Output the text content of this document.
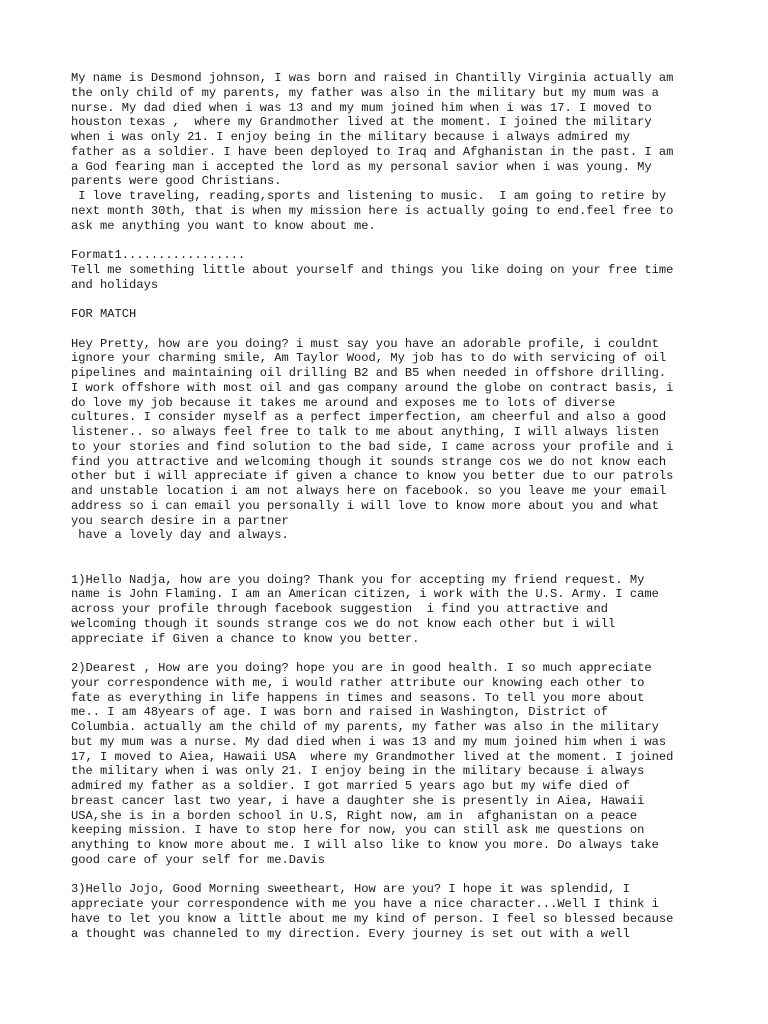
My name is Desmond johnson, I was born and raised in Chantilly Virginia actually am
the only child of my parents, my father was also in the military but my mum was a
nurse. My dad died when i was 13 and my mum joined him when i was 17. I moved to
houston texas ,  where my Grandmother lived at the moment. I joined the military
when i was only 21. I enjoy being in the military because i always admired my
father as a soldier. I have been deployed to Iraq and Afghanistan in the past. I am
a God fearing man i accepted the lord as my personal savior when i was young. My
parents were good Christians.
I love traveling, reading,sports and listening to music.  I am going to retire by
next month 30th, that is when my mission here is actually going to end.feel free to
ask me anything you want to know about me.

Format1.................

Tell me something little about yourself and things you like doing on your free time
and holidays

FOR MATCH

Hey Pretty, how are you doing? i must say you have an adorable profile, i couldnt
ignore your charming smile, Am Taylor Wood, My job has to do with servicing of oil
pipelines and maintaining oil drilling B2 and B5 when needed in offshore drilling.
I work offshore with most oil and gas company around the globe on contract basis, i
do love my job because it takes me around and exposes me to lots of diverse
cultures. I consider myself as a perfect imperfection, am cheerful and also a good
listener.. so always feel free to talk to me about anything, I will always listen
to your stories and find solution to the bad side, I came across your profile and i
find you attractive and welcoming though it sounds strange cos we do not know each
other but i will appreciate if given a chance to know you better due to our patrols
and unstable location i am not always here on facebook. so you leave me your email
address so i can email you personally i will love to know more about you and what
you search desire in a partner
have a lovely day and always.

1)Hello Nadja, how are you doing? Thank you for accepting my friend request. My
name is John Flaming. I am an American citizen, i work with the U.S. Army. I came
across your profile through facebook suggestion  i find you attractive and
welcoming though it sounds strange cos we do not know each other but i will
appreciate if Given a chance to know you better.

2)Dearest , How are you doing? hope you are in good health. I so much appreciate
your correspondence with me, i would rather attribute our knowing each other to
fate as everything in life happens in times and seasons. To tell you more about
me.. I am 48years of age. I was born and raised in Washington, District of
Columbia. actually am the child of my parents, my father was also in the military
but my mum was a nurse. My dad died when i was 13 and my mum joined him when i was
17, I moved to Aiea, Hawaii USA  where my Grandmother lived at the moment. I joined
the military when i was only 21. I enjoy being in the military because i always
admired my father as a soldier. I got married 5 years ago but my wife died of
breast cancer last two year, i have a daughter she is presently in Aiea, Hawaii
USA,she is in a borden school in U.S, Right now, am in  afghanistan on a peace
keeping mission. I have to stop here for now, you can still ask me questions on
anything to know more about me. I will also like to know you more. Do always take
good care of your self for me.Davis

3)Hello Jojo, Good Morning sweetheart, How are you? I hope it was splendid, I
appreciate your correspondence with me you have a nice character...Well I think i
have to let you know a little about me my kind of person. I feel so blessed because
a thought was channeled to my direction. Every journey is set out with a well
